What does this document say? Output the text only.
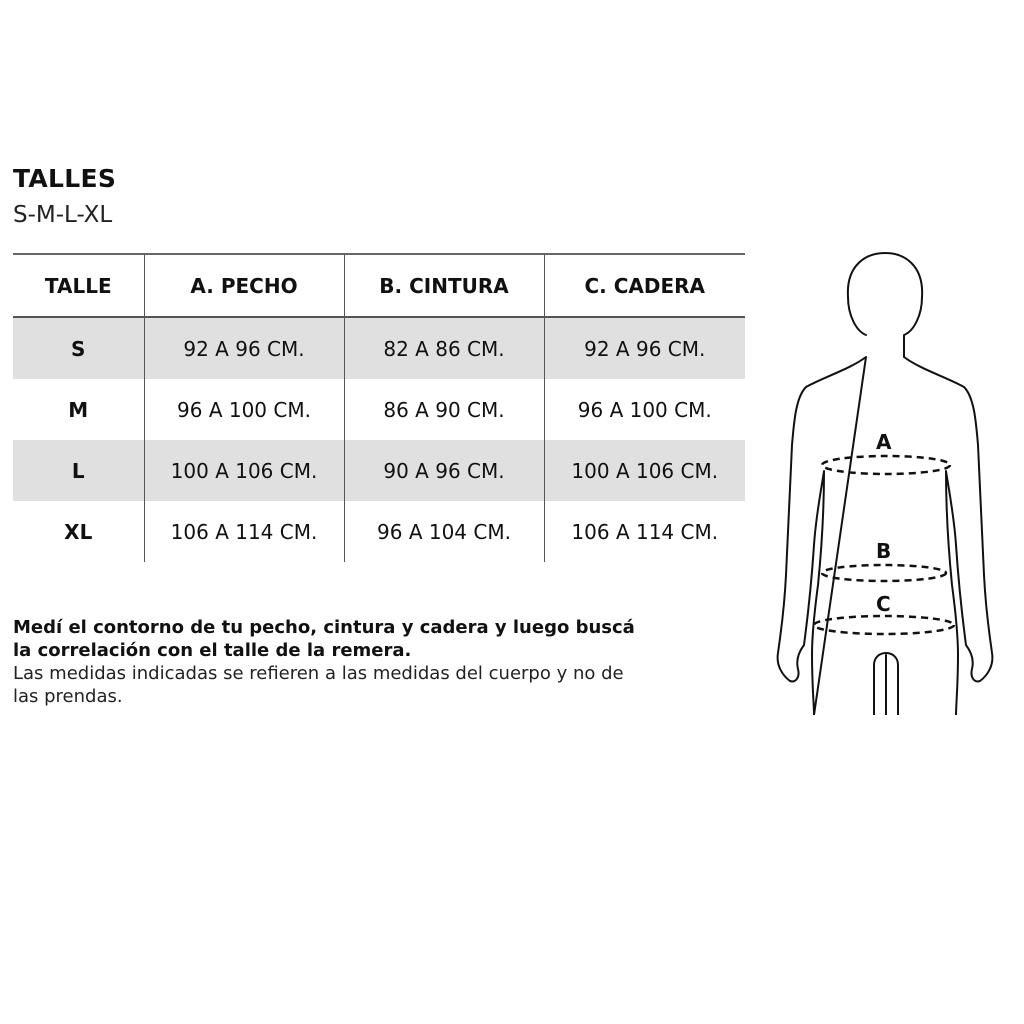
TALLES
S-M-L-XL
TALLE	A. PECHO	B. CINTURA	C. CADERA
S	92 A 96 CM.	82 A 86 CM.	92 A 96 CM.
M	96 A 100 CM.	86 A 90 CM.	96 A 100 CM.
L	100 A 106 CM.	90 A 96 CM.	100 A 106 CM.
XL	106 A 114 CM.	96 A 104 CM.	106 A 114 CM.
Medí el contorno de tu pecho, cintura y cadera y luego buscá la correlación con el talle de la remera.
Las medidas indicadas se refieren a las medidas del cuerpo y no de las prendas.
A
B
C
